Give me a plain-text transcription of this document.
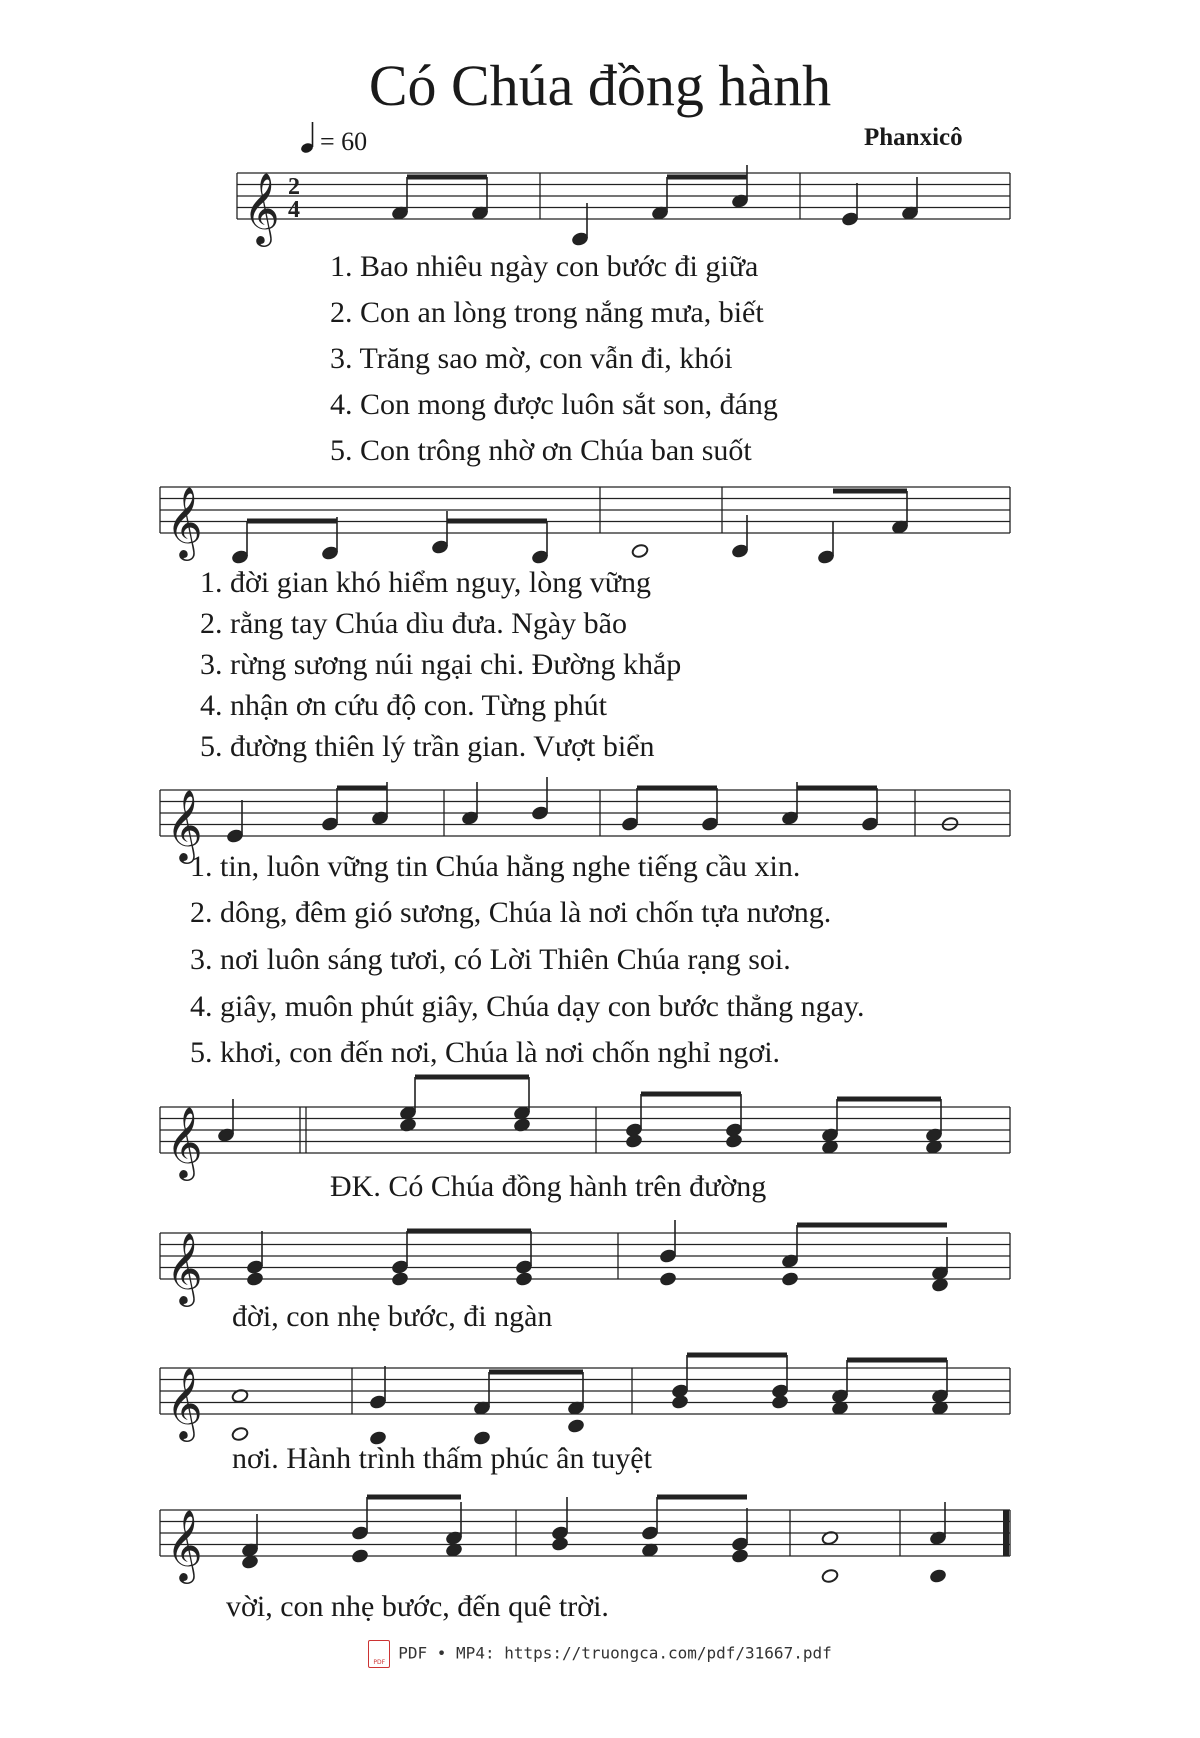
Có Chúa đồng hành
= 60	Phanxicô
𝄞 2
4
𝄞
𝄞
𝄞
𝄞
𝄞
𝄞
1. Bao nhiêu ngày con bước đi giữa
2. Con an lòng trong nắng mưa, biết
3. Trăng sao mờ, con vẫn đi, khói
4. Con mong được luôn sắt son, đáng
5. Con trông nhờ ơn Chúa ban suốt
1. đời gian khó hiểm nguy, lòng vững
2. rằng tay Chúa dìu đưa. Ngày bão
3. rừng sương núi ngại chi. Đường khắp
4. nhận ơn cứu độ con. Từng phút
5. đường thiên lý trần gian. Vượt biển
1. tin, luôn vững tin Chúa hằng nghe tiếng cầu xin.
2. dông, đêm gió sương, Chúa là nơi chốn tựa nương.
3. nơi luôn sáng tươi, có Lời Thiên Chúa rạng soi.
4. giây, muôn phút giây, Chúa dạy con bước thẳng ngay.
5. khơi, con đến nơi, Chúa là nơi chốn nghỉ ngơi.
ĐK. Có Chúa đồng hành trên đường
đời, con nhẹ bước, đi ngàn
nơi. Hành trình thấm phúc ân tuyệt
vời, con nhẹ bước, đến quê trời.
PDFPDF • MP4: https://truongca.com/pdf/31667.pdf
